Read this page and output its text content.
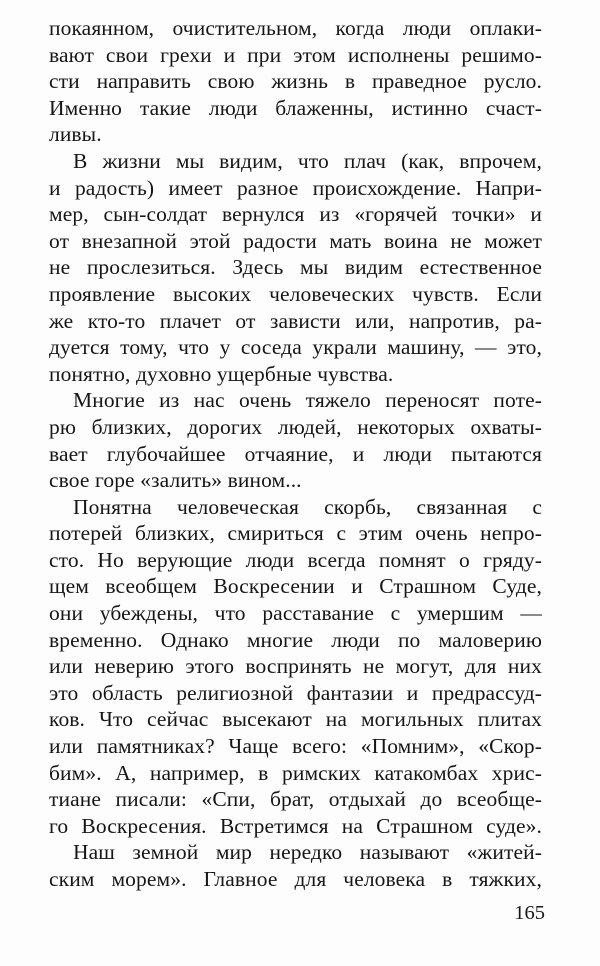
покаянном, очистительном, когда люди оплаки-
вают свои грехи и при этом исполнены решимо-
сти направить свою жизнь в праведное русло.
Именно такие люди блаженны, истинно счаст-
ливы.
В жизни мы видим, что плач (как, впрочем,
и радость) имеет разное происхождение. Напри-
мер, сын-солдат вернулся из «горячей точки» и
от внезапной этой радости мать воина не может
не прослезиться. Здесь мы видим естественное
проявление высоких человеческих чувств. Если
же кто-то плачет от зависти или, напротив, ра-
дуется тому, что у соседа украли машину, — это,
понятно, духовно ущербные чувства.
Многие из нас очень тяжело переносят поте-
рю близких, дорогих людей, некоторых охваты-
вает глубочайшее отчаяние, и люди пытаются
свое горе «залить» вином...
Понятна человеческая скорбь, связанная с
потерей близких, смириться с этим очень непро-
сто. Но верующие люди всегда помнят о гряду-
щем всеобщем Воскресении и Страшном Суде,
они убеждены, что расставание с умершим —
временно. Однако многие люди по маловерию
или неверию этого воспринять не могут, для них
это область религиозной фантазии и предрассуд-
ков. Что сейчас высекают на могильных плитах
или памятниках? Чаще всего: «Помним», «Скор-
бим». А, например, в римских катакомбах хрис-
тиане писали: «Спи, брат, отдыхай до всеобще-
го Воскресения. Встретимся на Страшном суде».
Наш земной мир нередко называют «житей-
ским морем». Главное для человека в тяжких,
165
